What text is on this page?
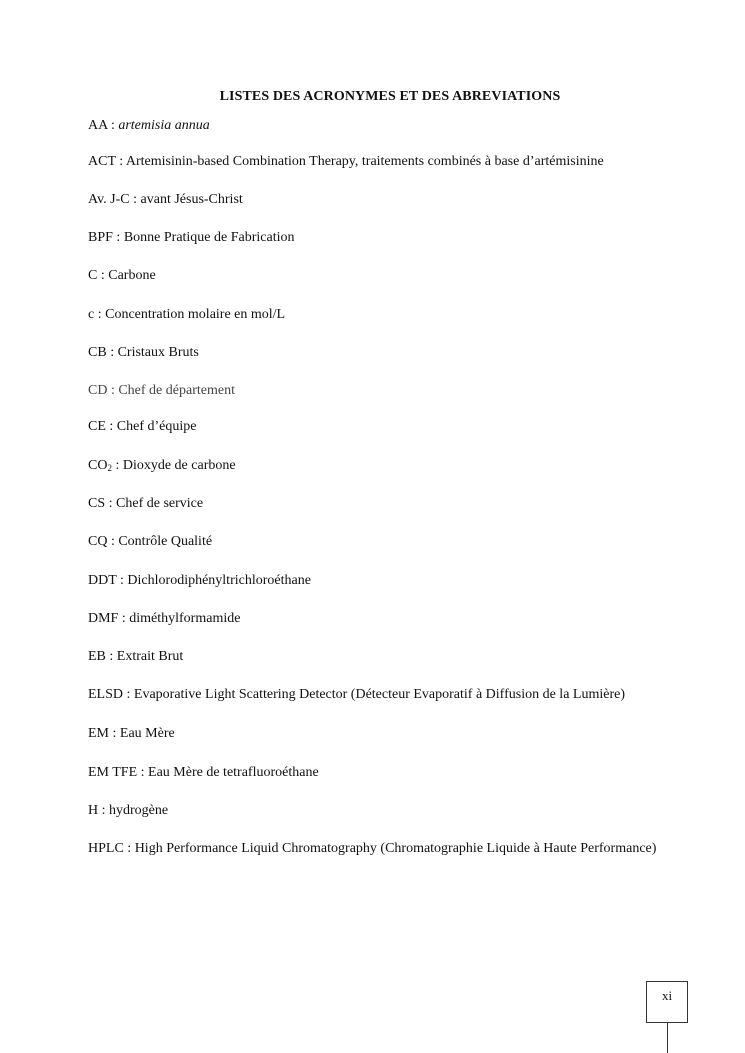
LISTES DES ACRONYMES ET DES ABREVIATIONS

AA : artemisia annua

ACT : Artemisinin-based Combination Therapy, traitements combinés à base d’artémisinine

Av. J-C : avant Jésus-Christ

BPF : Bonne Pratique de Fabrication

C : Carbone

c : Concentration molaire en mol/L

CB : Cristaux Bruts

CD : Chef de département

CE : Chef d’équipe

$CO_2$ : Dioxyde de carbone

CS : Chef de service

CQ : Contrôle Qualité

DDT : Dichlorodiphényltrichloroéthane

DMF : diméthylformamide

EB : Extrait Brut

ELSD : Evaporative Light Scattering Detector (Détecteur Evaporatif à Diffusion de la Lumière)

EM : Eau Mère

EM TFE : Eau Mère de tetrafluoroéthane

H : hydrogène

HPLC : High Performance Liquid Chromatography (Chromatographie Liquide à Haute Performance)

xi
